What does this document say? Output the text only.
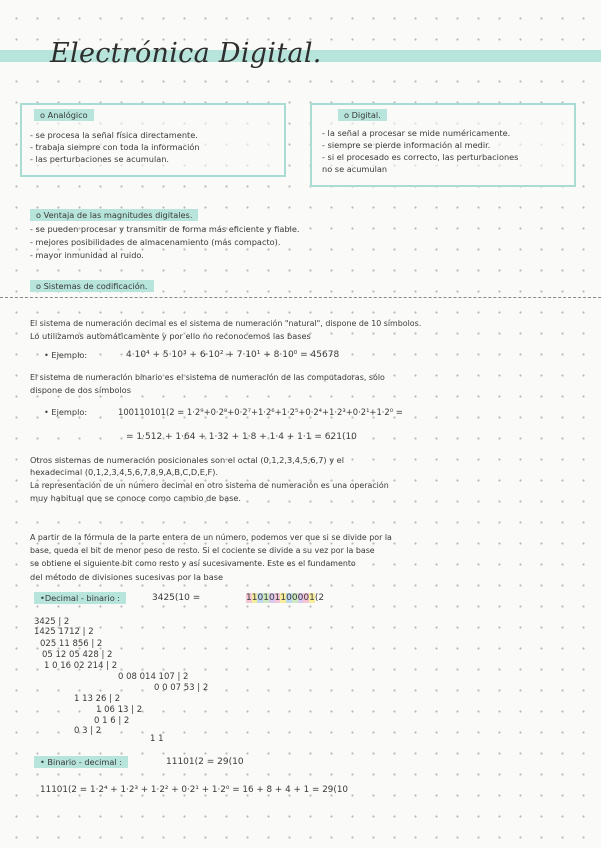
Electrónica Digital.
o Analógico
- se procesa la señal física directamente.
- trabaja siempre con toda la información
- las perturbaciones se acumulan.
o Digital.
- la señal a procesar se mide numéricamente.
- siempre se pierde información al medir.
- si el procesado es correcto, las perturbaciones
no se acumulan
o Ventaja de las magnitudes digitales.
- se pueden procesar y transmitir de forma más eficiente y fiable.
- mejores posibilidades de almacenamiento (más compacto).
- mayor inmunidad al ruido.
o Sistemas de codificación.
El sistema de numeración decimal es el sistema de numeración "natural", dispone de 10 símbolos.
Lo utilizamos automáticamente y por ello no reconocemos las bases
• Ejemplo:	4·10⁴ + 5·10³ + 6·10² + 7·10¹ + 8·10⁰ = 45678
El sistema de numeración binario es el sistema de numeración de las computadoras, sólo
dispone de dos símbolos
• Ejemplo:	100110101(2 = 1·2⁹+0·2⁸+0·2⁷+1·2⁶+1·2⁵+0·2⁴+1·2³+0·2¹+1·2⁰ =
= 1·512 + 1·64 + 1·32 + 1·8 + 1·4 + 1·1 = 621(10
Otros sistemas de numeración posicionales son el octal (0,1,2,3,4,5,6,7) y el
hexadecimal (0,1,2,3,4,5,6,7,8,9,A,B,C,D,E,F).
La representación de un número decimal en otro sistema de numeración es una operación
muy habitual que se conoce como cambio de base.
A partir de la fórmula de la parte entera de un número, podemos ver que si se divide por la
base, queda el bit de menor peso de resto. Si el cociente se divide a su vez por la base
se obtiene el siguiente bit como resto y así sucesivamente. Este es el fundamento
del método de divisiones sucesivas por la base
•Decimal - binario :	3425(10 =	110101100001(2
3425 | 2
1425 1712 | 2
025 11 856 | 2
05 12 05 428 | 2
1 0 16 02 214 | 2
0 08 014 107 | 2
0 0 07 53 | 2
1 13 26 | 2
1 06 13 | 2
0 1 6 | 2
0 3 | 2
1 1
• Binario - decimal :	11101(2 = 29(10
11101(2 = 1·2⁴ + 1·2³ + 1·2² + 0·2¹ + 1·2⁰ = 16 + 8 + 4 + 1 = 29(10
